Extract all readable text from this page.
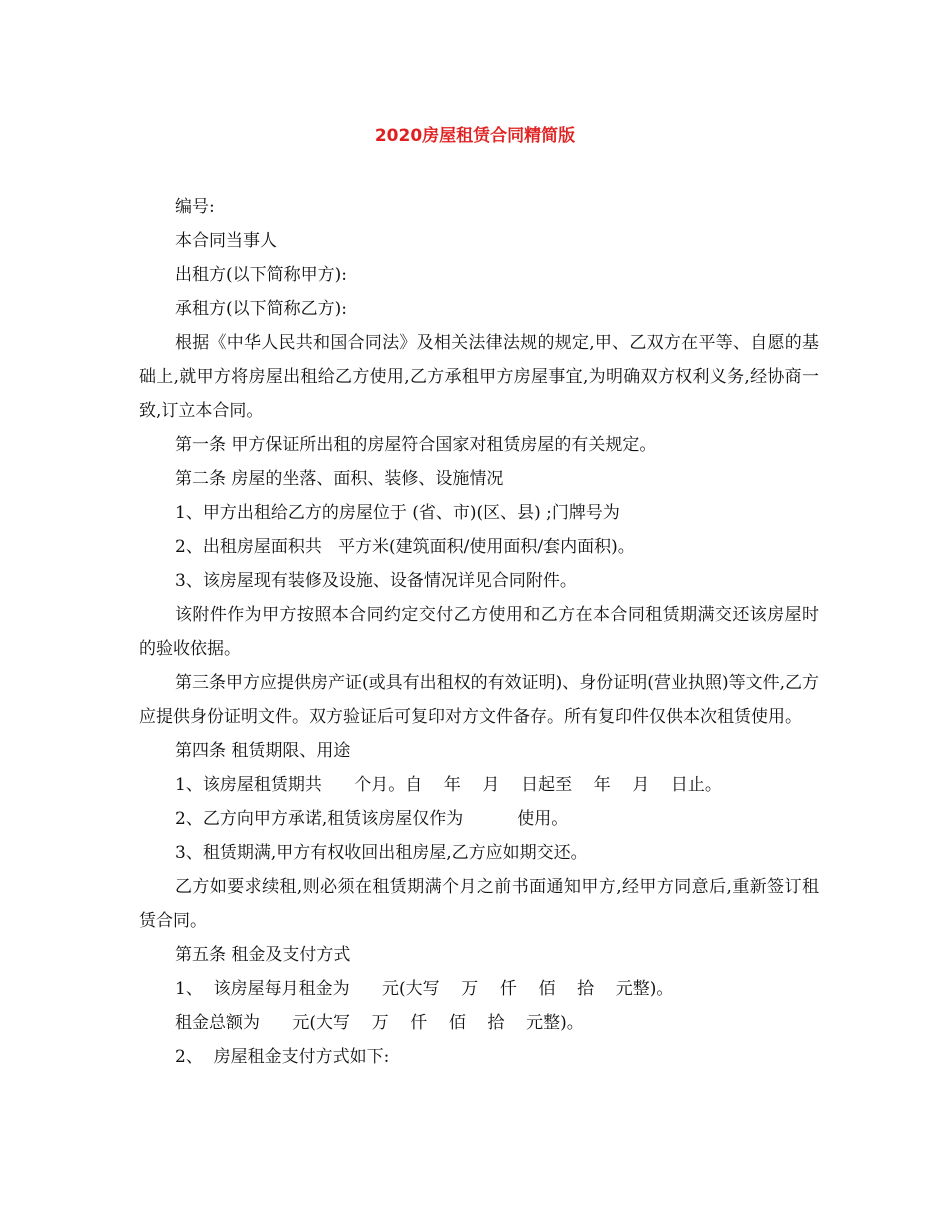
2020房屋租赁合同精简版

编号:

本合同当事人

出租方(以下简称甲方):

承租方(以下简称乙方):

根据《中华人民共和国合同法》及相关法律法规的规定,甲、乙双方在平等、自愿的基础上,就甲方将房屋出租给乙方使用,乙方承租甲方房屋事宜,为明确双方权利义务,经协商一致,订立本合同。

第一条 甲方保证所出租的房屋符合国家对租赁房屋的有关规定。

第二条 房屋的坐落、面积、装修、设施情况

1、甲方出租给乙方的房屋位于 (省、市)(区、县) ;门牌号为

2、出租房屋面积共   平方米(建筑面积/使用面积/套内面积)。

3、该房屋现有装修及设施、设备情况详见合同附件。

该附件作为甲方按照本合同约定交付乙方使用和乙方在本合同租赁期满交还该房屋时的验收依据。

第三条甲方应提供房产证(或具有出租权的有效证明)、身份证明(营业执照)等文件,乙方应提供身份证明文件。双方验证后可复印对方文件备存。所有复印件仅供本次租赁使用。

第四条 租赁期限、用途

1、该房屋租赁期共      个月。自    年    月    日起至    年    月    日止。

2、乙方向甲方承诺,租赁该房屋仅作为          使用。

3、租赁期满,甲方有权收回出租房屋,乙方应如期交还。

乙方如要求续租,则必须在租赁期满个月之前书面通知甲方,经甲方同意后,重新签订租赁合同。

第五条 租金及支付方式

1、  该房屋每月租金为      元(大写    万    仟    佰    拾    元整)。

租金总额为      元(大写    万    仟    佰    拾    元整)。

2、  房屋租金支付方式如下:
